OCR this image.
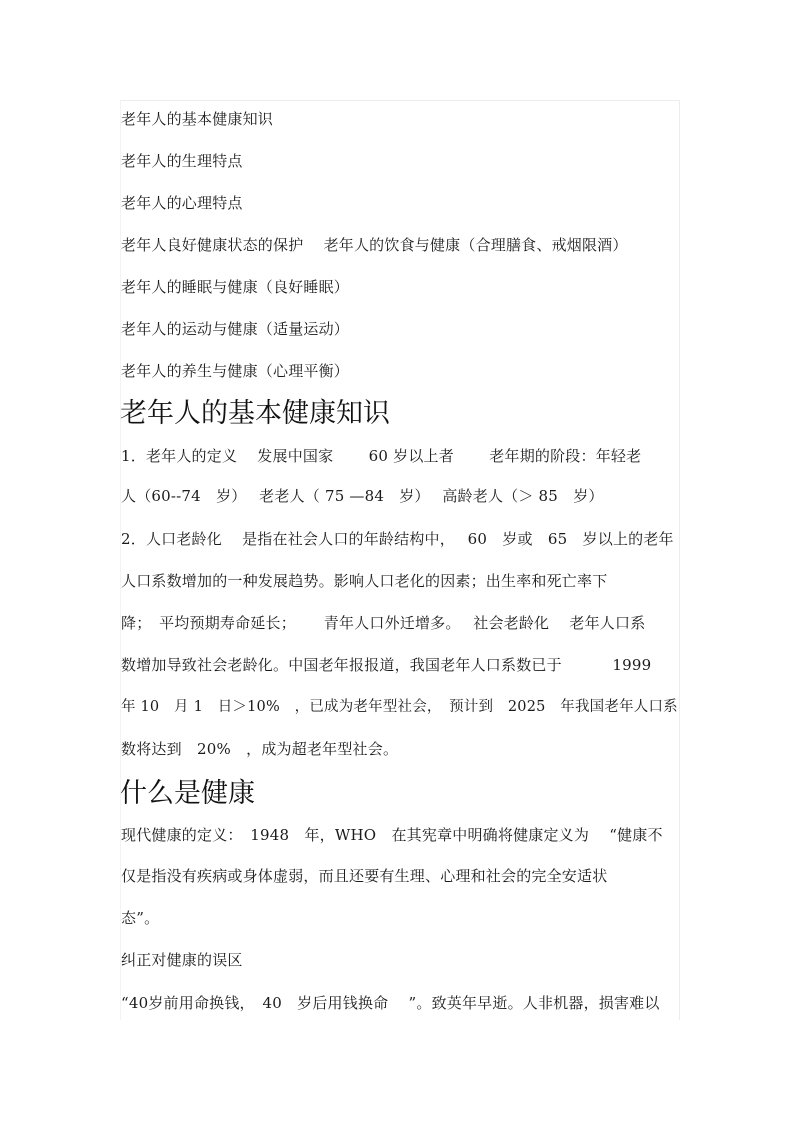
老年人的基本健康知识
老年人的生理特点
老年人的心理特点
老年人良好健康状态的保护　 老年人的饮食与健康（合理膳食、戒烟限酒）
老年人的睡眠与健康（良好睡眠）
老年人的运动与健康（适量运动）
老年人的养生与健康（心理平衡）
老年人的基本健康知识
1．老年人的定义　 发展中国家　 　60 岁以上者　 　老年期的阶段：年轻老
人（60--74　岁）　 老老人（ 75 —84　岁）　 高龄老人（＞ 85　岁）
2．人口老龄化　 是指在社会人口的年龄结构中，　 60　岁或　65　岁以上的老年
人口系数增加的一种发展趋势。影响人口老化的因素；出生率和死亡率下
降；　平均预期寿命延长；　 　青年人口外迁增多。　 社会老龄化　 老年人口系
数增加导致社会老龄化。中国老年报报道，我国老年人口系数已于　 　　1999
年 10　月 1　日＞10%　，已成为老年型社会，　预计到　2025　年我国老年人口系
数将达到　20%　，成为超老年型社会。
什么是健康
现代健康的定义：　1948　年，WHO　在其宪章中明确将健康定义为　 “健康不
仅是指没有疾病或身体虚弱，而且还要有生理、心理和社会的完全安适状
态”。
纠正对健康的误区
“40岁前用命换钱，　40　岁后用钱换命　 ”。致英年早逝。人非机器，损害难以
